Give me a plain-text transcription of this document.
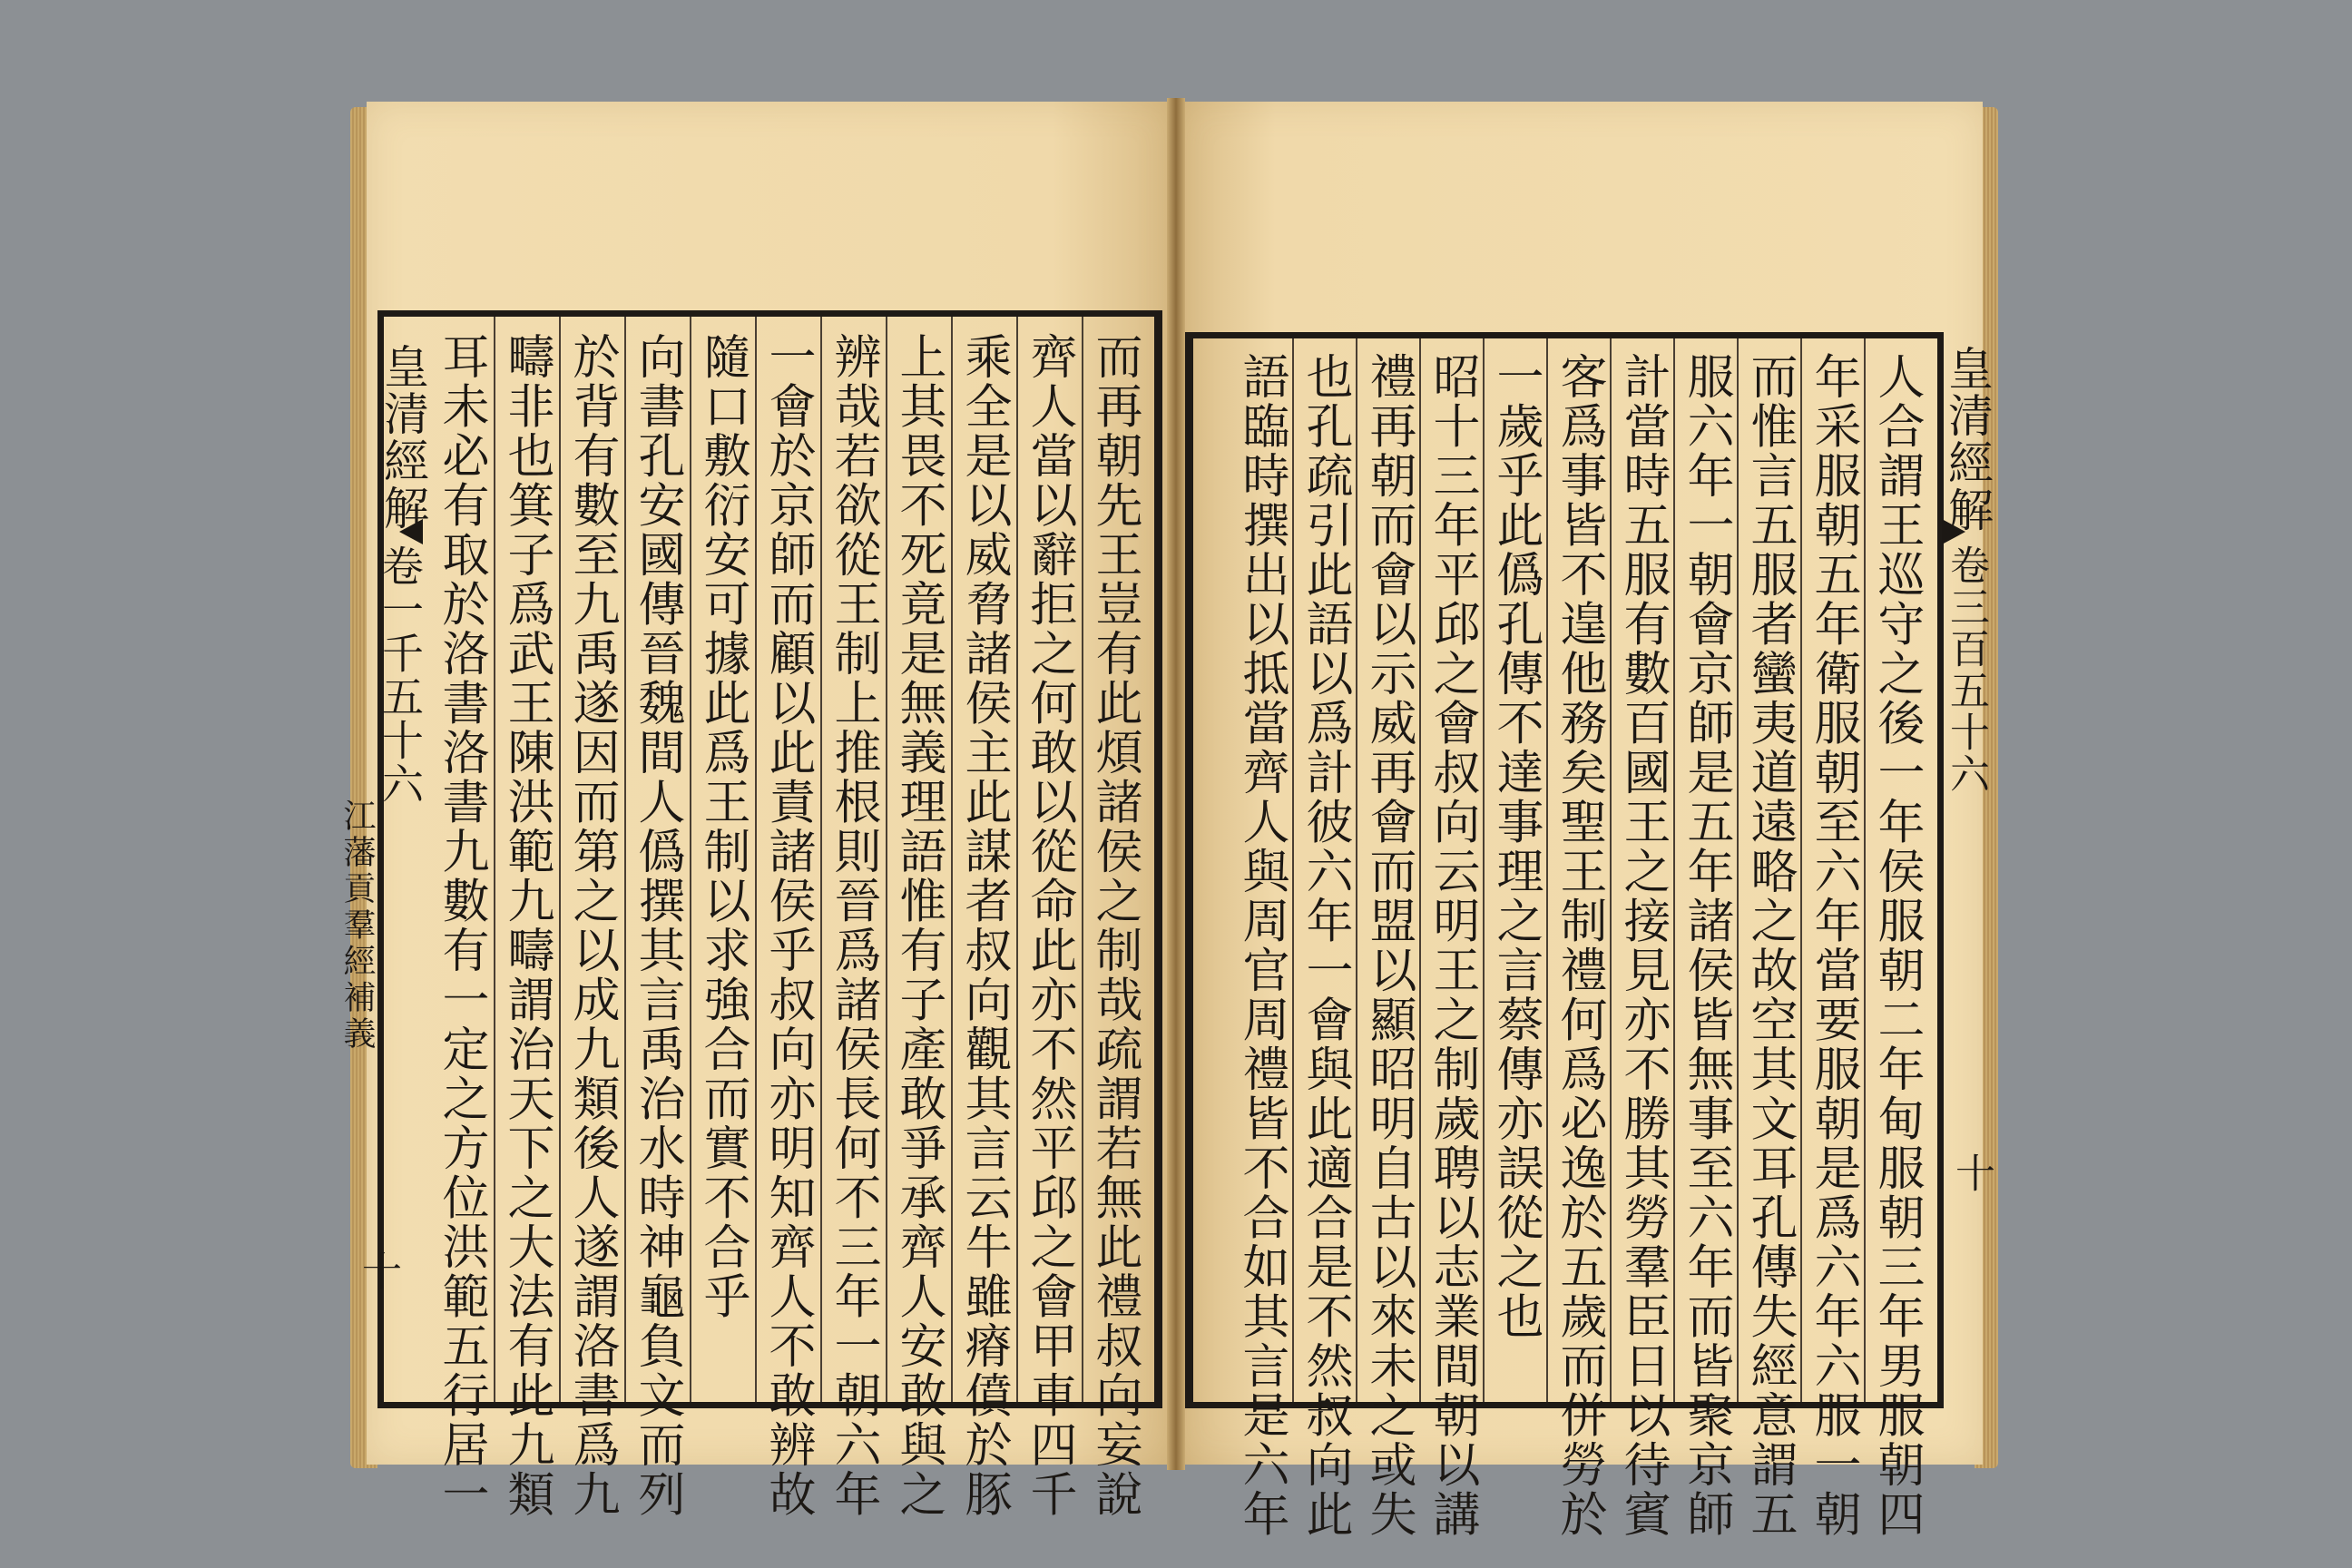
皇清經解
卷一千五十六
江藩貢羣經補義
十
皇清經解
卷三百五十六
十
而再朝先王豈有此煩諸侯之制哉疏謂若無此禮叔向妄說
齊人當以辭拒之何敢以從命此亦不然平邱之會甲車四千
乘全是以威脅諸侯主此謀者叔向觀其言云牛雖瘠僨於豚
上其畏不死竟是無義理語惟有子產敢爭承齊人安敢與之
辨哉若欲從王制上推根則晉爲諸侯長何不三年一朝六年
一會於京師而顧以此責諸侯乎叔向亦明知齊人不敢辨故
隨口敷衍安可據此爲王制以求強合而實不合乎
向書孔安國傳晉魏間人僞撰其言禹治水時神龜負文而列
於背有數至九禹遂因而第之以成九類後人遂謂洛書爲九
疇非也箕子爲武王陳洪範九疇謂治天下之大法有此九類
耳未必有取於洛書洛書九數有一定之方位洪範五行居一	人合謂王巡守之後一年侯服朝二年甸服朝三年男服朝四
年采服朝五年衛服朝至六年當要服朝是爲六年六服一朝
而惟言五服者蠻夷道遠略之故空其文耳孔傳失經意謂五
服六年一朝會京師是五年諸侯皆無事至六年而皆聚京師
計當時五服有數百國王之接見亦不勝其勞羣臣日以待賓
客爲事皆不遑他務矣聖王制禮何爲必逸於五歲而併勞於
一歲乎此僞孔傳不達事理之言蔡傳亦誤從之也
昭十三年平邱之會叔向云明王之制歲聘以志業間朝以講
禮再朝而會以示威再會而盟以顯昭明自古以來未之或失
也孔疏引此語以爲計彼六年一會與此適合是不然叔向此
語臨時撰出以抵當齊人與周官周禮皆不合如其言是六年
